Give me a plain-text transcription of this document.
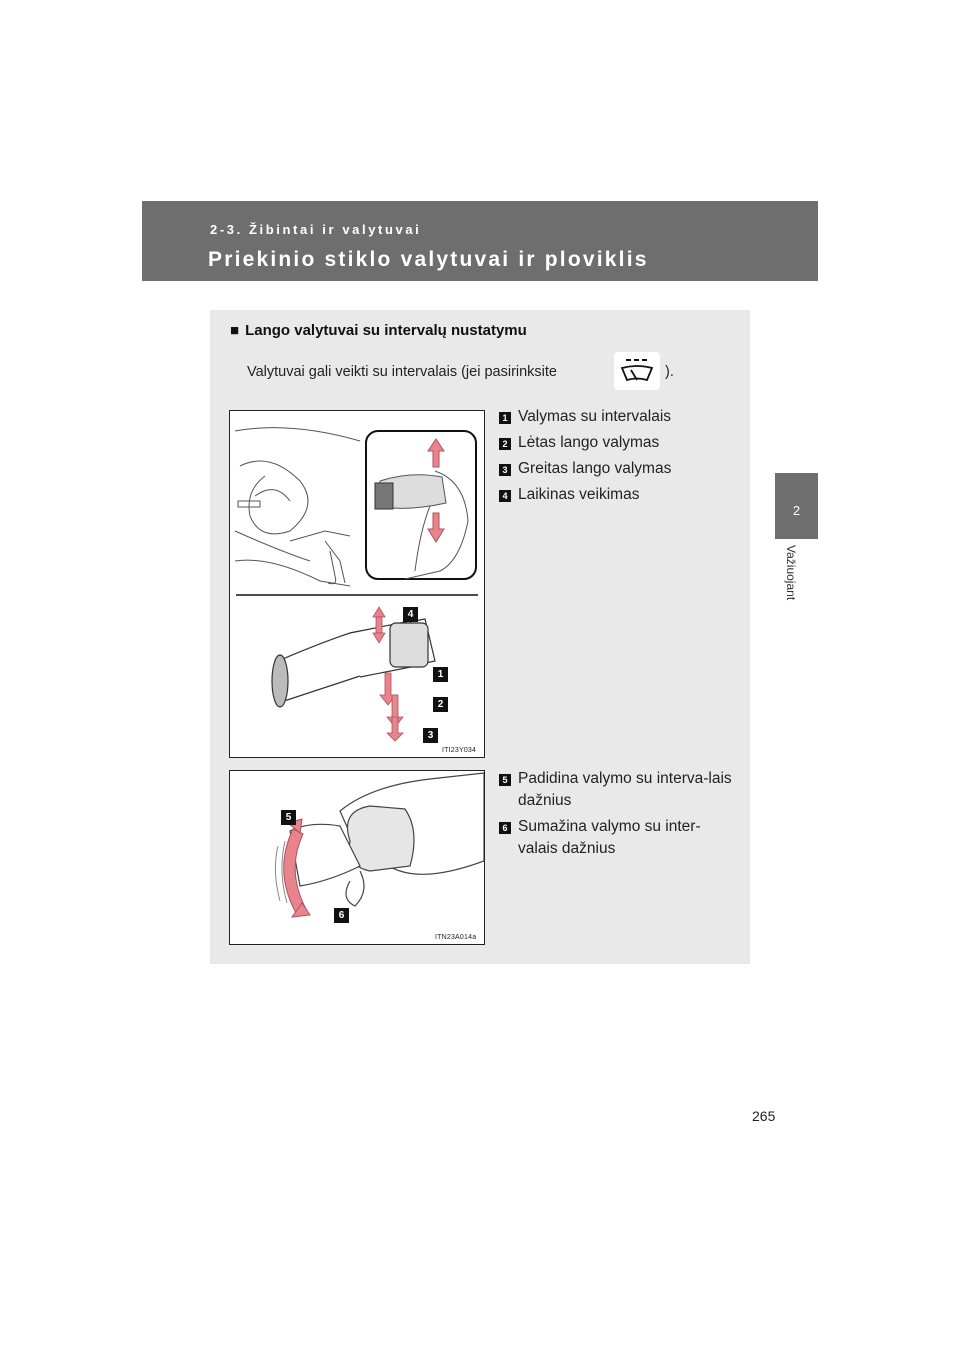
2-3. Žibintai ir valytuvai
Priekinio stiklo valytuvai ir ploviklis
2
Važiuojant
■ Lango valytuvai su intervalų nustatymu
Valytuvai gali veikti su intervalais (jei pasirinksite	).
4
1
2
3
ITI23Y034
5
6
ITN23A014a
1 Valymas su intervalais
2 Lėtas lango valymas
3 Greitas lango valymas
4 Laikinas veikimas
5 Padidina valymo su interva-lais dažnius
6 Sumažina valymo su inter-valais dažnius
265
